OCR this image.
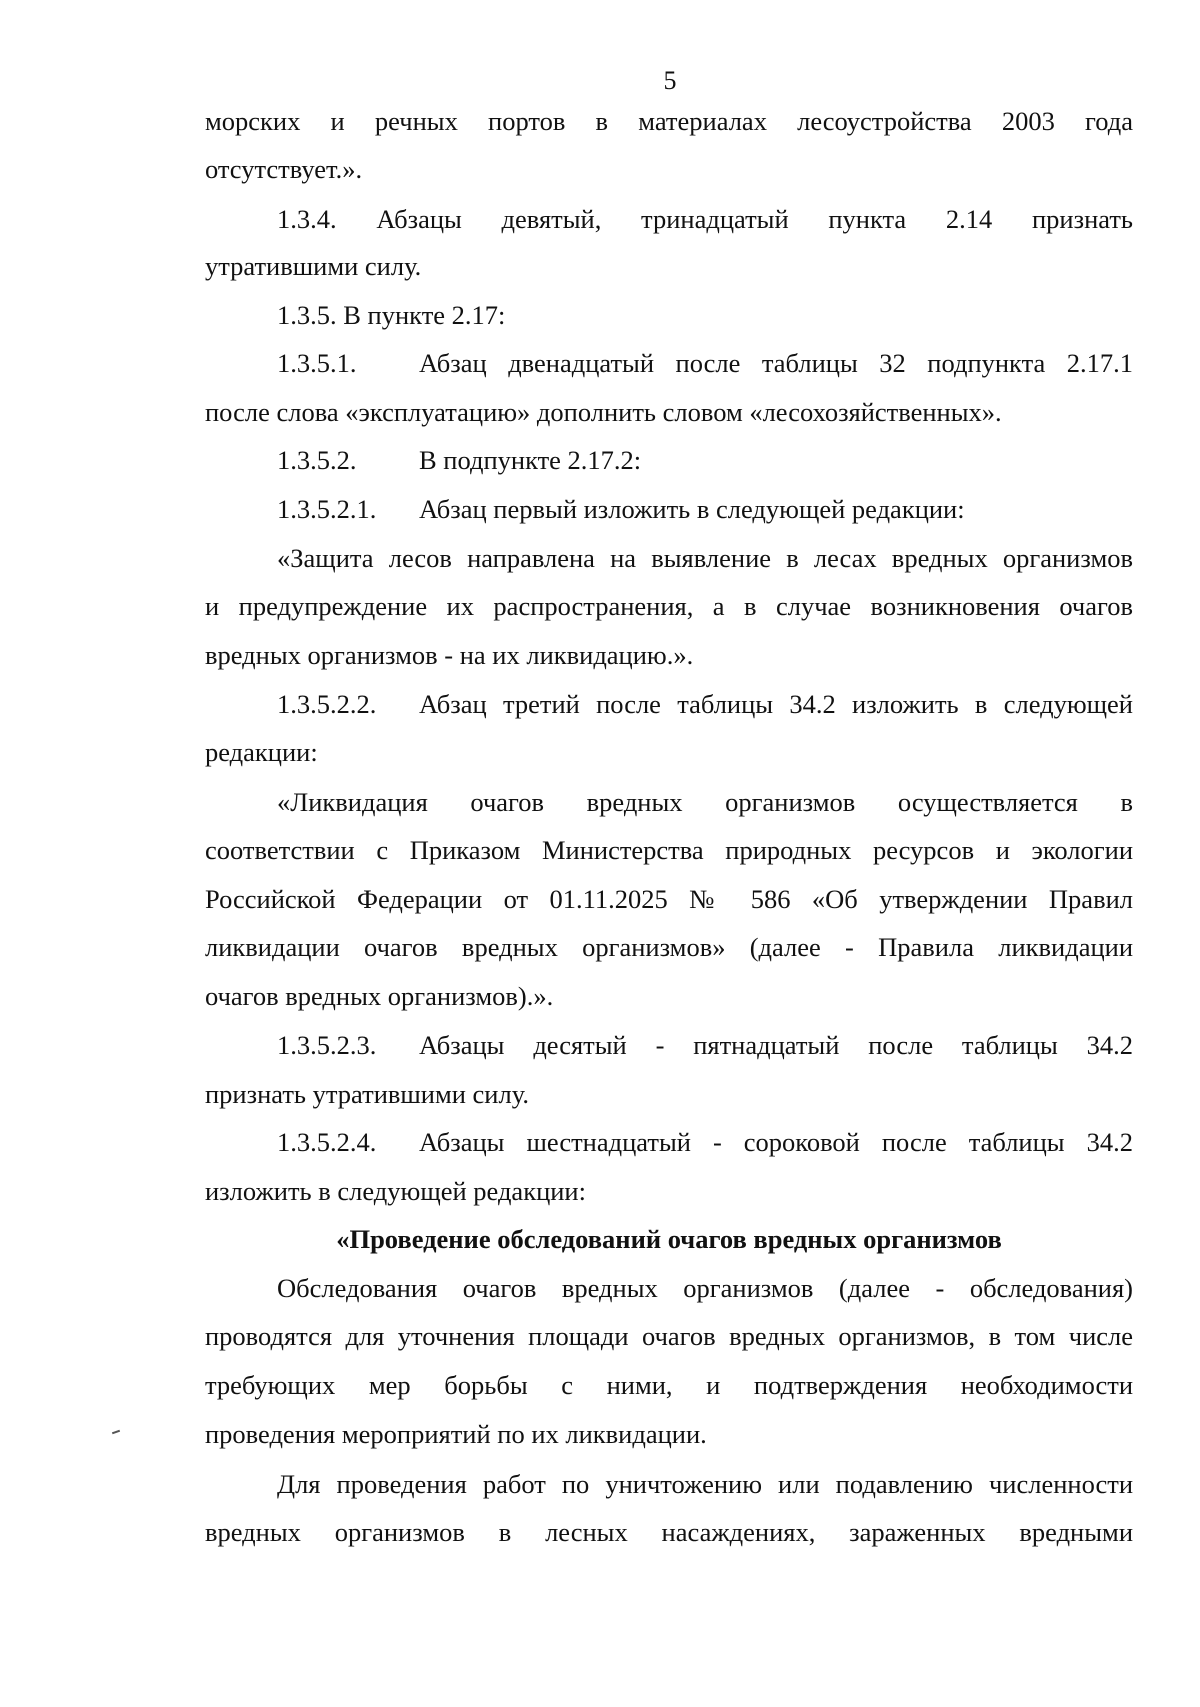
5
морских и речных портов в материалах лесоустройства 2003 года
отсутствует.».
1.3.4. Абзацы девятый, тринадцатый пункта 2.14 признать
утратившими силу.
1.3.5. В пункте 2.17:
1.3.5.1. Абзац двенадцатый после таблицы 32 подпункта 2.17.1
после слова «эксплуатацию» дополнить словом «лесохозяйственных».
1.3.5.2. В подпункте 2.17.2:
1.3.5.2.1. Абзац первый изложить в следующей редакции:
«Защита лесов направлена на выявление в лесах вредных организмов
и предупреждение их распространения, а в случае возникновения очагов
вредных организмов - на их ликвидацию.».
1.3.5.2.2. Абзац третий после таблицы 34.2 изложить в следующей
редакции:
«Ликвидация очагов вредных организмов осуществляется в
соответствии с Приказом Министерства природных ресурсов и экологии
Российской Федерации от 01.11.2025 № 586 «Об утверждении Правил
ликвидации очагов вредных организмов» (далее - Правила ликвидации
очагов вредных организмов).».
1.3.5.2.3. Абзацы десятый - пятнадцатый после таблицы 34.2
признать утратившими силу.
1.3.5.2.4. Абзацы шестнадцатый - сороковой после таблицы 34.2
изложить в следующей редакции:
«Проведение обследований очагов вредных организмов
Обследования очагов вредных организмов (далее - обследования)
проводятся для уточнения площади очагов вредных организмов, в том числе
требующих мер борьбы с ними, и подтверждения необходимости
проведения мероприятий по их ликвидации.
Для проведения работ по уничтожению или подавлению численности
вредных организмов в лесных насаждениях, зараженных вредными
